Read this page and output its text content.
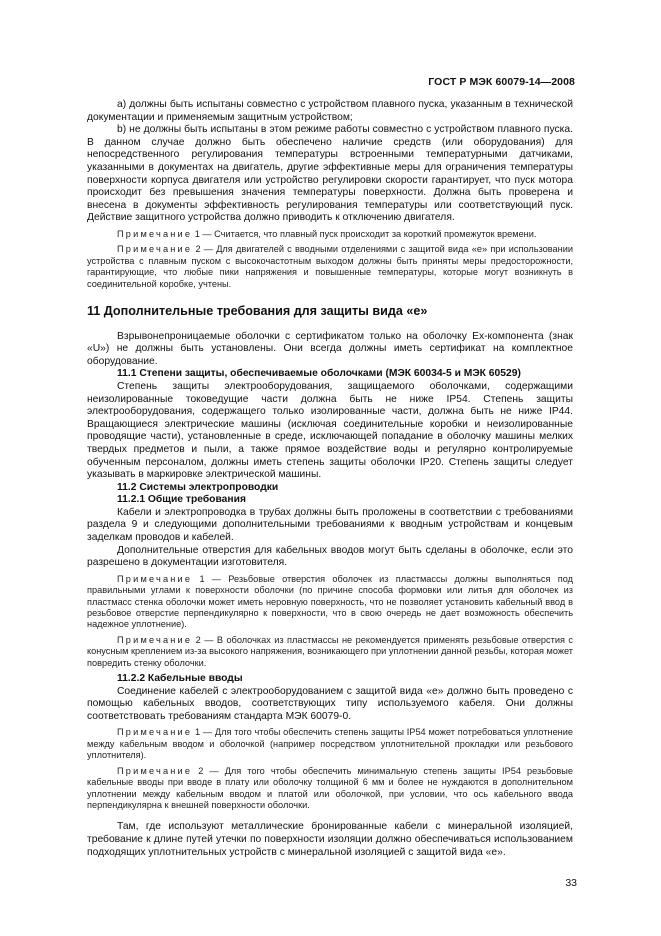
ГОСТ Р МЭК 60079-14—2008

a) должны быть испытаны совместно с устройством плавного пуска, указанным в технической документации и применяемым защитным устройством;

b) не должны быть испытаны в этом режиме работы совместно с устройством плавного пуска. В данном случае должно быть обеспечено наличие средств (или оборудования) для непосредственного регулирования температуры встроенными температурными датчиками, указанными в документах на двигатель, другие эффективные меры для ограничения температуры поверхности корпуса двигателя или устройство регулировки скорости гарантирует, что пуск мотора происходит без превышения значения температуры поверхности. Должна быть проверена и внесена в документы эффективность регулирования температуры или соответствующий пуск. Действие защитного устройства должно приводить к отключению двигателя.

Примечание 1 — Считается, что плавный пуск происходит за короткий промежуток времени.

Примечание 2 — Для двигателей с вводными отделениями с защитой вида «е» при использовании устройства с плавным пуском с высокочастотным выходом должны быть приняты меры предосторожности, гарантирующие, что любые пики напряжения и повышенные температуры, которые могут возникнуть в соединительной коробке, учтены.

11 Дополнительные требования для защиты вида «е»

Взрывонепроницаемые оболочки с сертификатом только на оболочку Ex-компонента (знак «U») не должны быть установлены. Они всегда должны иметь сертификат на комплектное оборудование.

11.1 Степени защиты, обеспечиваемые оболочками (МЭК 60034-5 и МЭК 60529)

Степень защиты электрооборудования, защищаемого оболочками, содержащими неизолированные токоведущие части должна быть не ниже IP54. Степень защиты электрооборудования, содержащего только изолированные части, должна быть не ниже IP44. Вращающиеся электрические машины (исключая соединительные коробки и неизолированные проводящие части), установленные в среде, исключающей попадание в оболочку машины мелких твердых предметов и пыли, а также прямое воздействие воды и регулярно контролируемые обученным персоналом, должны иметь степень защиты оболочки IP20. Степень защиты следует указывать в маркировке электрической машины.

11.2 Системы электропроводки

11.2.1 Общие требования

Кабели и электропроводка в трубах должны быть проложены в соответствии с требованиями раздела 9 и следующими дополнительными требованиями к вводным устройствам и концевым заделкам проводов и кабелей.

Дополнительные отверстия для кабельных вводов могут быть сделаны в оболочке, если это разрешено в документации изготовителя.

Примечание 1 — Резьбовые отверстия оболочек из пластмассы должны выполняться под правильными углами к поверхности оболочки (по причине способа формовки или литья для оболочек из пластмасс стенка оболочки может иметь неровную поверхность, что не позволяет установить кабельный ввод в резьбовое отверстие перпендикулярно к поверхности, что в свою очередь не дает возможность обеспечить надежное уплотнение).

Примечание 2 — В оболочках из пластмассы не рекомендуется применять резьбовые отверстия с конусным креплением из-за высокого напряжения, возникающего при уплотнении данной резьбы, которая может повредить стенку оболочки.

11.2.2 Кабельные вводы

Соединение кабелей с электрооборудованием с защитой вида «е» должно быть проведено с помощью кабельных вводов, соответствующих типу используемого кабеля. Они должны соответствовать требованиям стандарта МЭК 60079-0.

Примечание 1 — Для того чтобы обеспечить степень защиты IP54 может потребоваться уплотнение между кабельным вводом и оболочкой (например посредством уплотнительной прокладки или резьбового уплотнителя).

Примечание 2 — Для того чтобы обеспечить минимальную степень защиты IP54 резьбовые кабельные вводы при вводе в плату или оболочку толщиной 6 мм и более не нуждаются в дополнительном уплотнении между кабельным вводом и платой или оболочкой, при условии, что ось кабельного ввода перпендикулярна к внешней поверхности оболочки.

Там, где используют металлические бронированные кабели с минеральной изоляцией, требование к длине путей утечки по поверхности изоляции должно обеспечиваться использованием подходящих уплотнительных устройств с минеральной изоляцией с защитой вида «е».

33
